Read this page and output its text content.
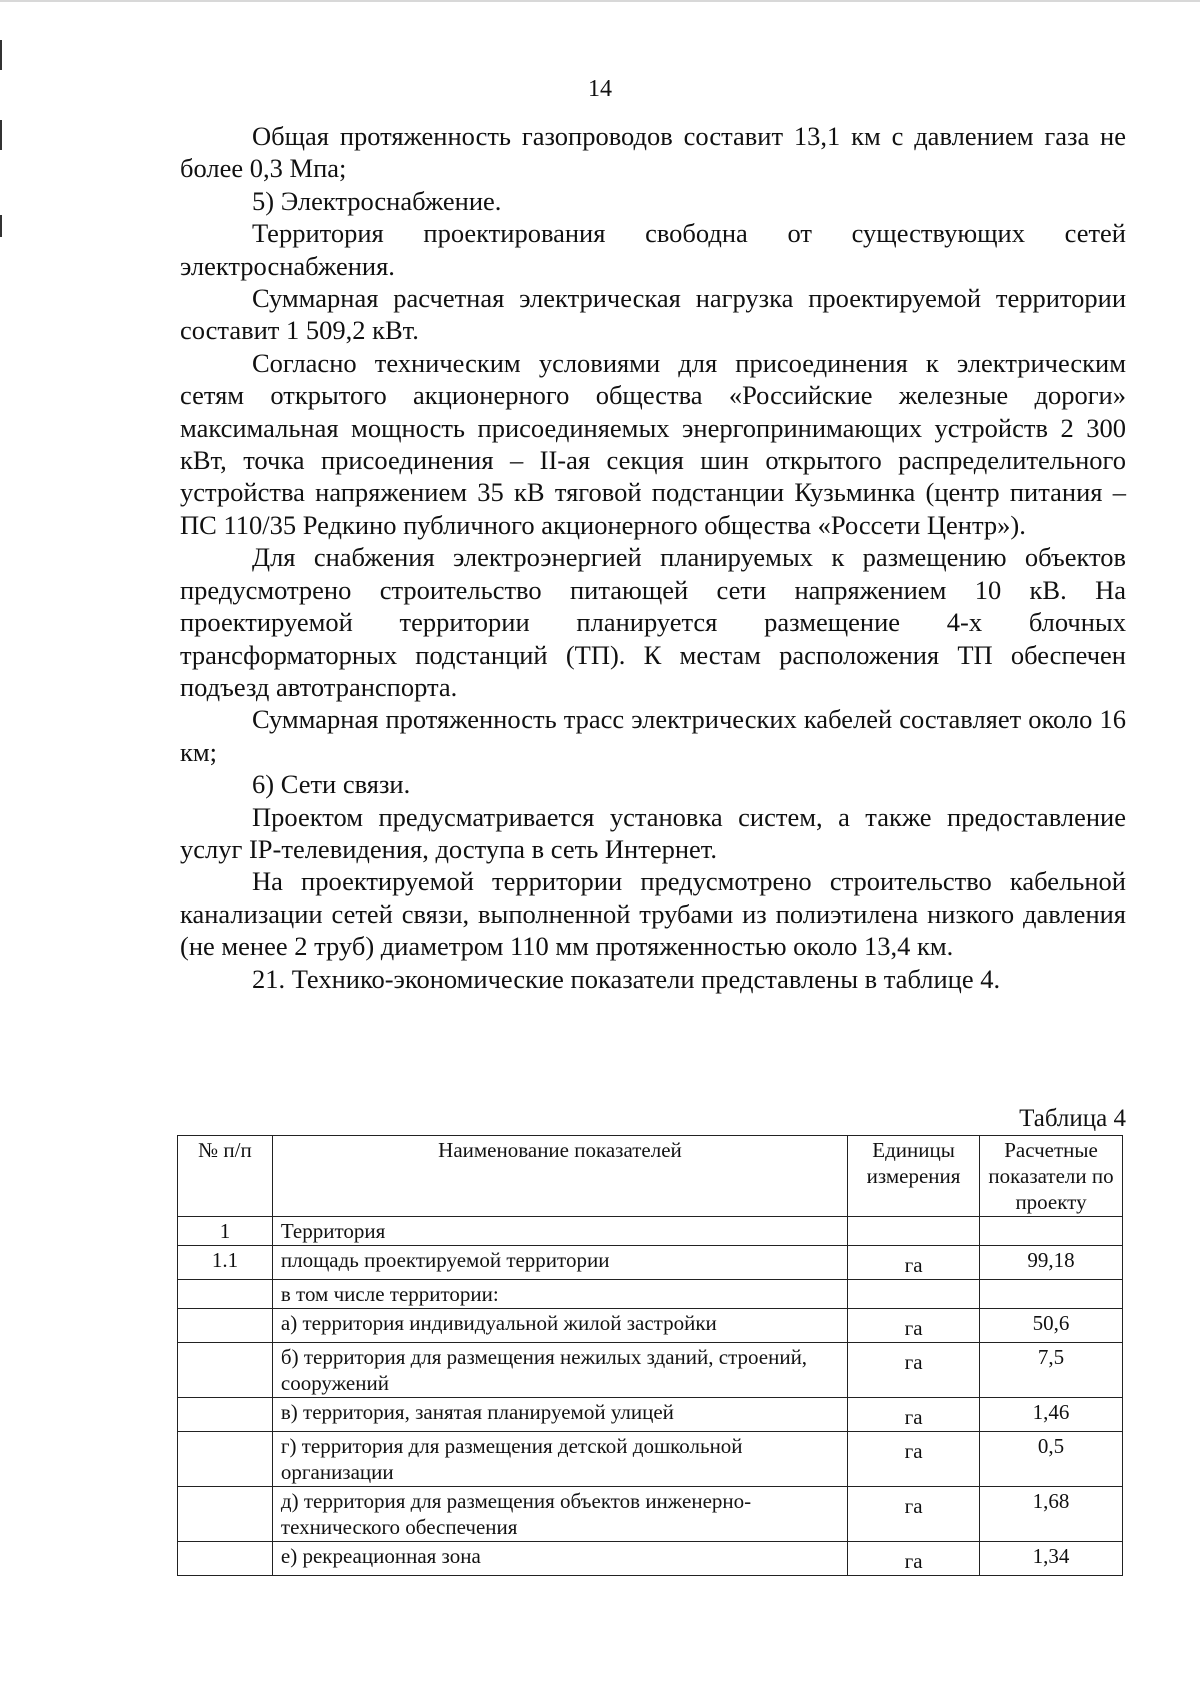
14

Общая протяженность газопроводов составит 13,1 км с давлением газа не более 0,3 Мпа;

5) Электроснабжение.

Территория проектирования свободна от существующих сетей электроснабжения.

Суммарная расчетная электрическая нагрузка проектируемой территории составит 1 509,2 кВт.

Согласно техническим условиями для присоединения к электрическим сетям открытого акционерного общества «Российские железные дороги» максимальная мощность присоединяемых энергопринимающих устройств 2 300 кВт, точка присоединения – II-ая секция шин открытого распределительного устройства напряжением 35 кВ тяговой подстанции Кузьминка (центр питания – ПС 110/35 Редкино публичного акционерного общества «Россети Центр»).

Для снабжения электроэнергией планируемых к размещению объектов предусмотрено строительство питающей сети напряжением 10 кВ. На проектируемой территории планируется размещение 4-х блочных трансформаторных подстанций (ТП). К местам расположения ТП обеспечен подъезд автотранспорта.

Суммарная протяженность трасс электрических кабелей составляет около 16 км;

6) Сети связи.

Проектом предусматривается установка систем, а также предоставление услуг IP-телевидения, доступа в сеть Интернет.

На проектируемой территории предусмотрено строительство кабельной канализации сетей связи, выполненной трубами из полиэтилена низкого давления (не менее 2 труб) диаметром 110 мм протяженностью около 13,4 км.

21. Технико-экономические показатели представлены в таблице 4.

Таблица 4
№ п/п	Наименование показателей	Единицы измерения	Расчетные показатели по проекту
1	Территория		
1.1	площадь проектируемой территории	га	99,18
	в том числе территории:		
	а) территория индивидуальной жилой застройки	га	50,6
	б) территория для размещения нежилых зданий, строений, сооружений	га	7,5
	в) территория, занятая планируемой улицей	га	1,46
	г) территория для размещения детской дошкольной организации	га	0,5
	д) территория для размещения объектов инженерно-технического обеспечения	га	1,68
	е) рекреационная зона	га	1,34
